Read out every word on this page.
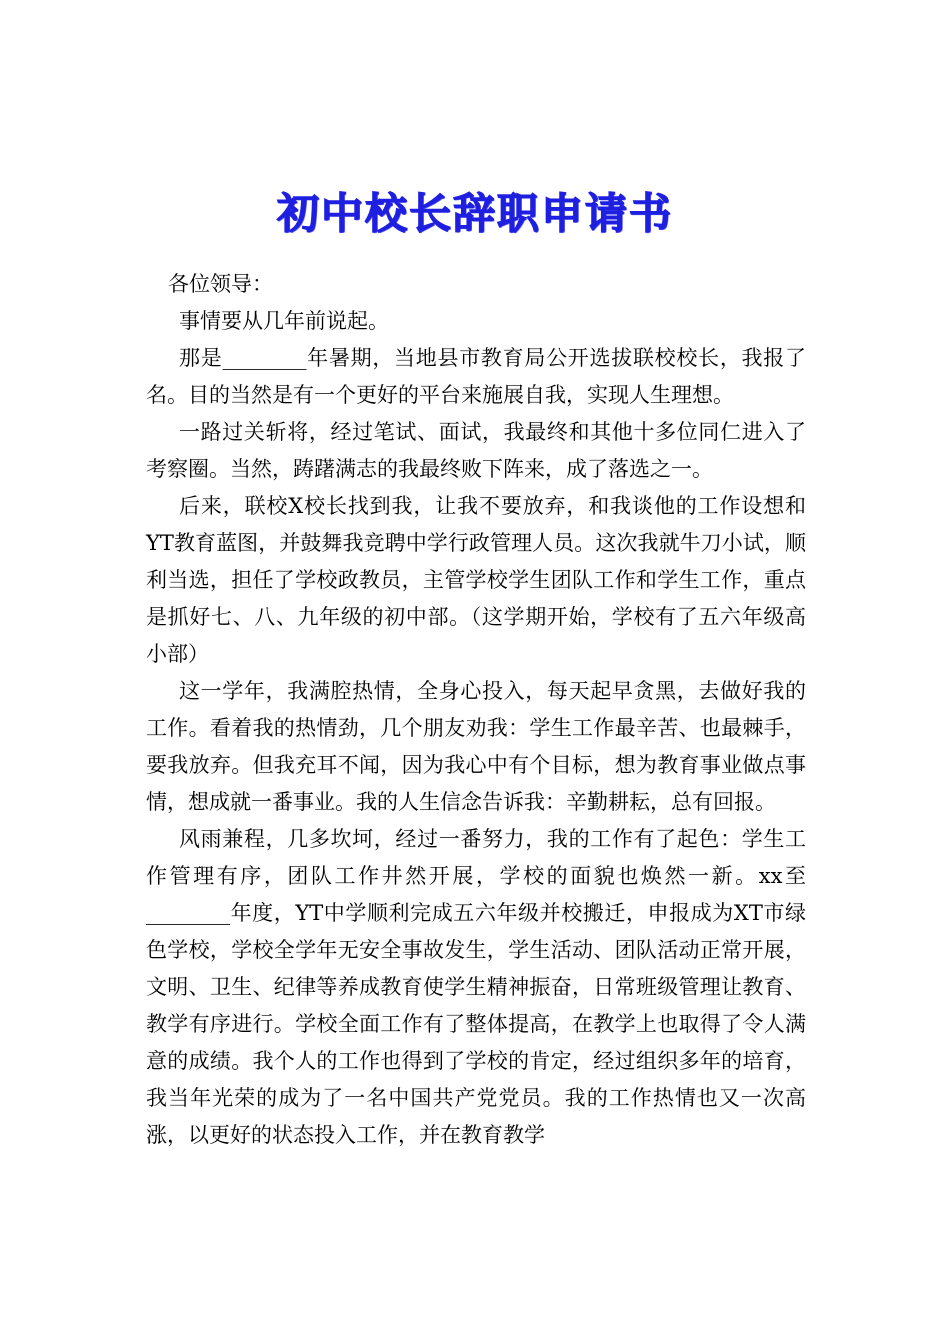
初中校长辞职申请书

各位领导：

事情要从几年前说起。

那是________年暑期，当地县市教育局公开选拔联校校长，我报了名。目的当然是有一个更好的平台来施展自我，实现人生理想。

一路过关斩将，经过笔试、面试，我最终和其他十多位同仁进入了考察圈。当然，踌躇满志的我最终败下阵来，成了落选之一。

后来，联校X校长找到我，让我不要放弃，和我谈他的工作设想和YT教育蓝图，并鼓舞我竞聘中学行政管理人员。这次我就牛刀小试，顺利当选，担任了学校政教员，主管学校学生团队工作和学生工作，重点是抓好七、八、九年级的初中部。（这学期开始，学校有了五六年级高小部）

这一学年，我满腔热情，全身心投入，每天起早贪黑，去做好我的工作。看着我的热情劲，几个朋友劝我：学生工作最辛苦、也最棘手，要我放弃。但我充耳不闻，因为我心中有个目标，想为教育事业做点事情，想成就一番事业。我的人生信念告诉我：辛勤耕耘，总有回报。

风雨兼程，几多坎坷，经过一番努力，我的工作有了起色：学生工作管理有序，团队工作井然开展，学校的面貌也焕然一新。xx至________年度，YT中学顺利完成五六年级并校搬迁，申报成为XT市绿色学校，学校全学年无安全事故发生，学生活动、团队活动正常开展，文明、卫生、纪律等养成教育使学生精神振奋，日常班级管理让教育、教学有序进行。学校全面工作有了整体提高，在教学上也取得了令人满意的成绩。我个人的工作也得到了学校的肯定，经过组织多年的培育，我当年光荣的成为了一名中国共产党党员。我的工作热情也又一次高涨，以更好的状态投入工作，并在教育教学
